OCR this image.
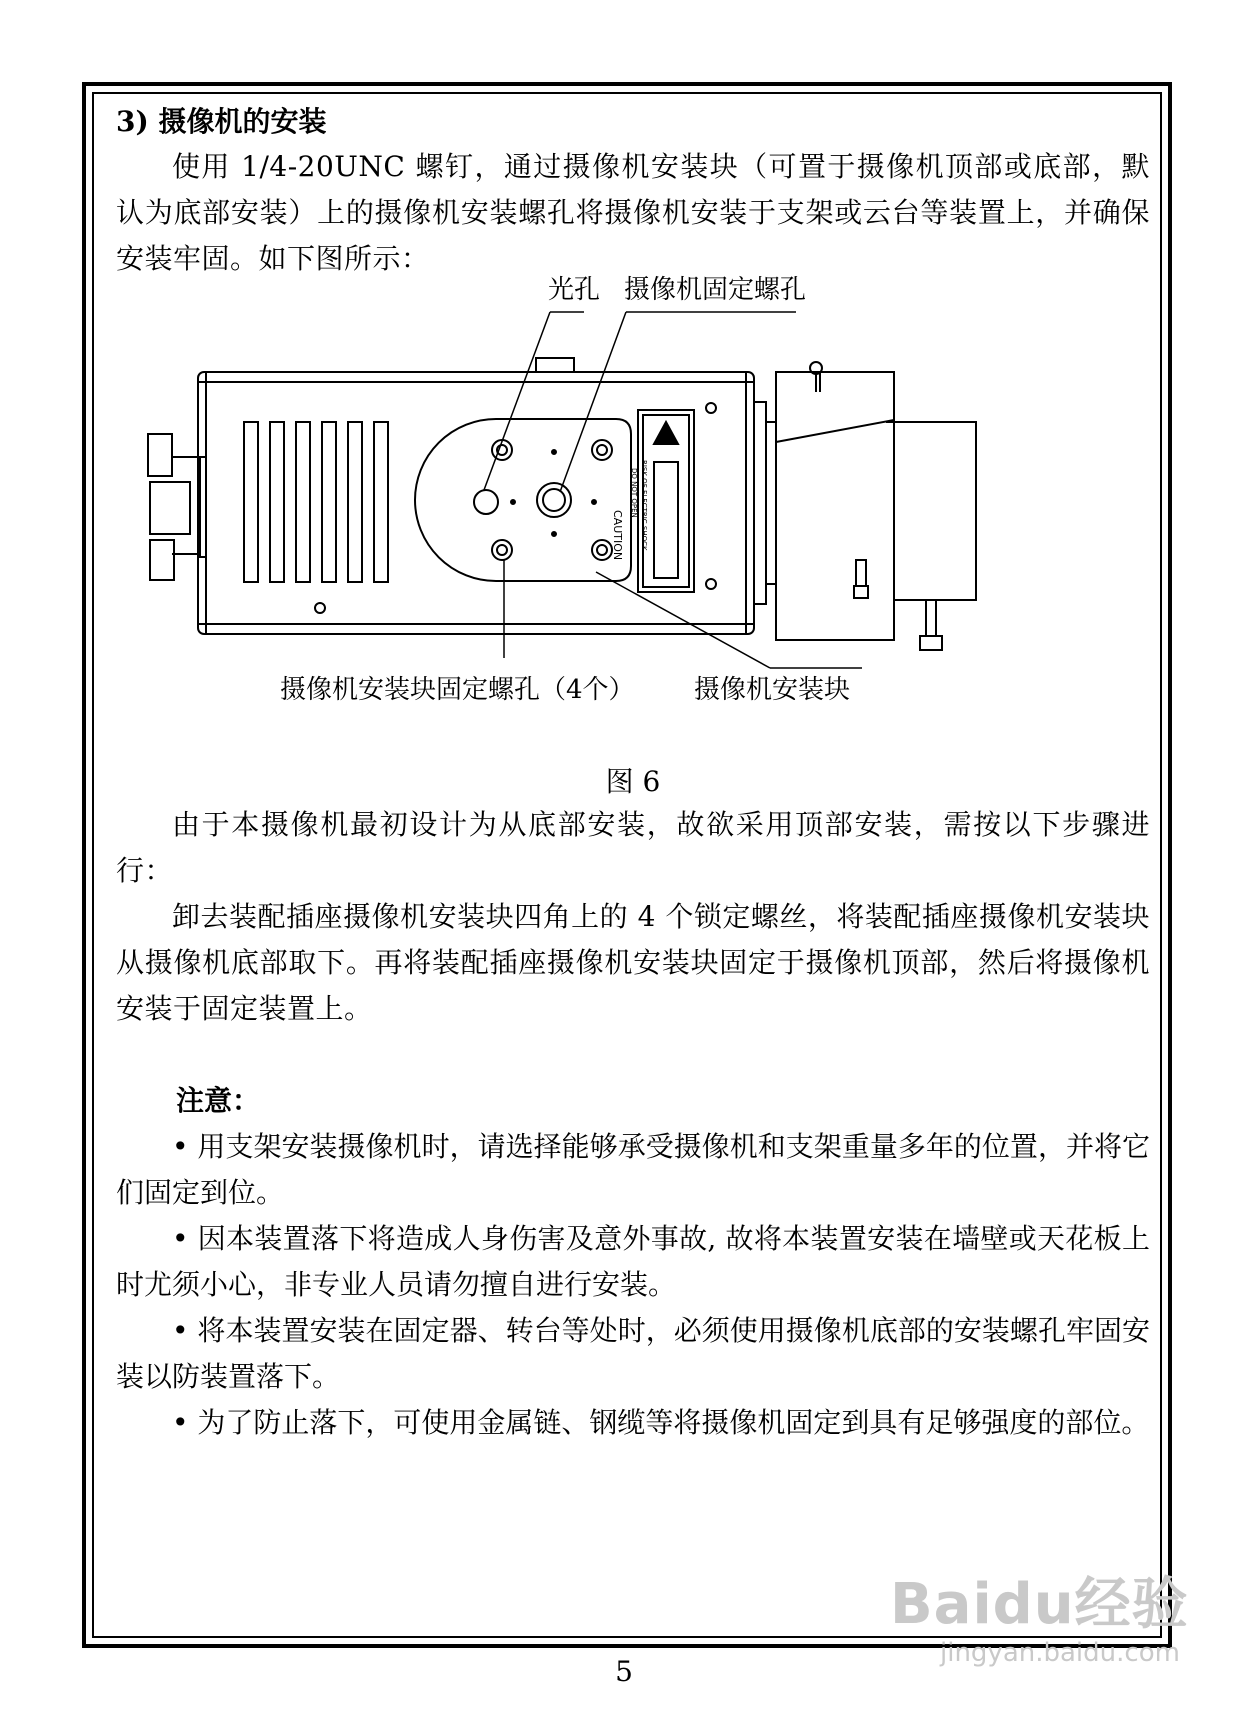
3) 摄像机的安装

使用 1/4-20UNC 螺钉，通过摄像机安装块（可置于摄像机顶部或底部，默认为底部安装）上的摄像机安装螺孔将摄像机安装于支架或云台等装置上，并确保安装牢固。如下图所示：

光孔 摄像机固定螺孔
摄像机安装块固定螺孔（4个） 摄像机安装块
CAUTION RISK OF ELECTRIC SHOCK
DO NOT OPEN
图 6

由于本摄像机最初设计为从底部安装，故欲采用顶部安装，需按以下步骤进行：

卸去装配插座摄像机安装块四角上的 4 个锁定螺丝，将装配插座摄像机安装块从摄像机底部取下。再将装配插座摄像机安装块固定于摄像机顶部，然后将摄像机安装于固定装置上。

注意：

• 用支架安装摄像机时，请选择能够承受摄像机和支架重量多年的位置，并将它们固定到位。

• 因本装置落下将造成人身伤害及意外事故, 故将本装置安装在墙壁或天花板上时尤须小心，非专业人员请勿擅自进行安装。

• 将本装置安装在固定器、转台等处时，必须使用摄像机底部的安装螺孔牢固安装以防装置落下。

• 为了防止落下，可使用金属链、钢缆等将摄像机固定到具有足够强度的部位。

5
Baidu经验
jingyan.baidu.com
